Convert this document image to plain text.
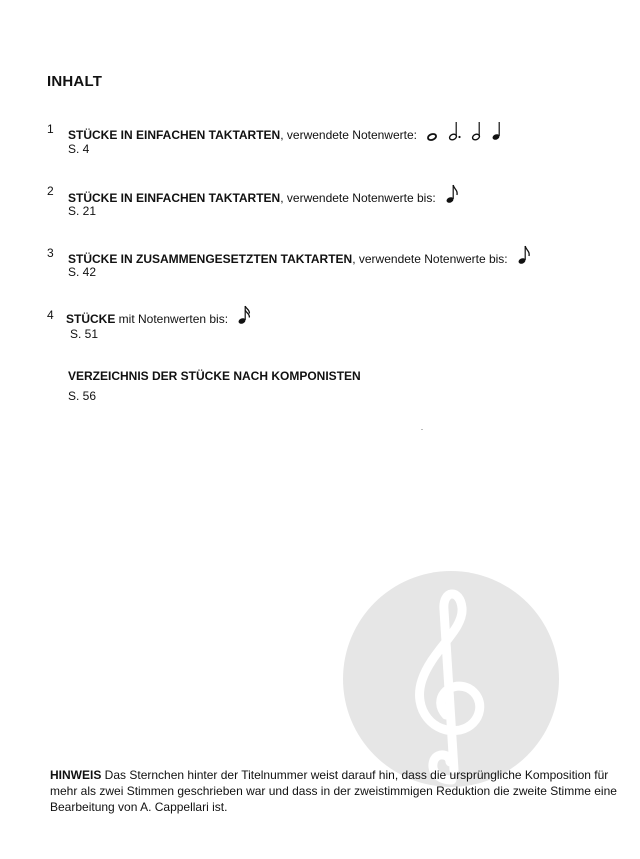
INHALT
1 STÜCKE IN EINFACHEN TAKTARTEN, verwendete Notenwerte:

S. 4
2 STÜCKE IN EINFACHEN TAKTARTEN, verwendete Notenwerte bis:
S. 21
3 STÜCKE IN ZUSAMMENGESETZTEN TAKTARTEN, verwendete Notenwerte bis:
S. 42
4 STÜCKE mit Notenwerten bis:
S. 51
VERZEICHNIS DER STÜCKE NACH KOMPONISTEN
S. 56
HINWEIS Das Sternchen hinter der Titelnummer weist darauf hin, dass die ursprüngliche Komposition für mehr als zwei Stimmen geschrieben war und dass in der zweistimmigen Reduktion die zweite Stimme eine Bearbeitung von A. Cappellari ist.
